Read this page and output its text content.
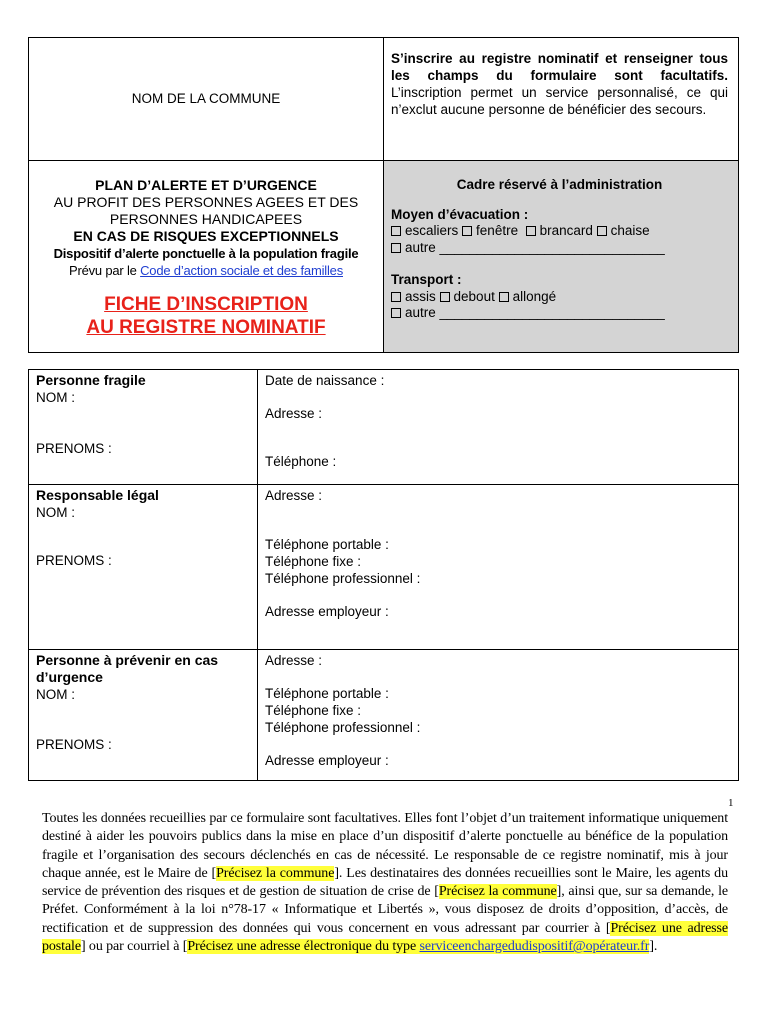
NOM DE LA COMMUNE
S’inscrire au registre nominatif et renseigner tous les champs du formulaire sont facultatifs. L’inscription permet un service personnalisé, ce qui n’exclut aucune personne de bénéficier des secours.
PLAN D’ALERTE ET D’URGENCE
AU PROFIT DES PERSONNES AGEES ET DES PERSONNES HANDICAPEES
EN CAS DE RISQUES EXCEPTIONNELS
Dispositif d’alerte ponctuelle à la population fragile
Prévu par le Code d’action sociale et des familles
FICHE D’INSCRIPTION
AU REGISTRE NOMINATIF
Cadre réservé à l’administration
Moyen d’évacuation :
escaliers fenêtre brancard chaise
autre ______________________________
Transport :
assis debout allongé
autre ______________________________
Personne fragile
NOM :
PRENOMS :
Date de naissance :
Adresse :
Téléphone :
Responsable légal
NOM :
PRENOMS :
Adresse :
Téléphone portable :
Téléphone fixe :
Téléphone professionnel :
Adresse employeur :
Personne à prévenir en cas d’urgence
NOM :
PRENOMS :
Adresse :
Téléphone portable :
Téléphone fixe :
Téléphone professionnel :
Adresse employeur :
1
Toutes les données recueillies par ce formulaire sont facultatives. Elles font l’objet d’un traitement informatique uniquement destiné à aider les pouvoirs publics dans la mise en place d’un dispositif d’alerte ponctuelle au bénéfice de la population fragile et l’organisation des secours déclenchés en cas de nécessité. Le responsable de ce registre nominatif, mis à jour chaque année, est le Maire de [Précisez la commune]. Les destinataires des données recueillies sont le Maire, les agents du service de prévention des risques et de gestion de situation de crise de [Précisez la commune], ainsi que, sur sa demande, le Préfet. Conformément à la loi n°78-17 « Informatique et Libertés », vous disposez de droits d’opposition, d’accès, de rectification et de suppression des données qui vous concernent en vous adressant par courrier à [Précisez une adresse postale] ou par courriel à [Précisez une adresse électronique du type serviceenchargedudispositif@opérateur.fr].
